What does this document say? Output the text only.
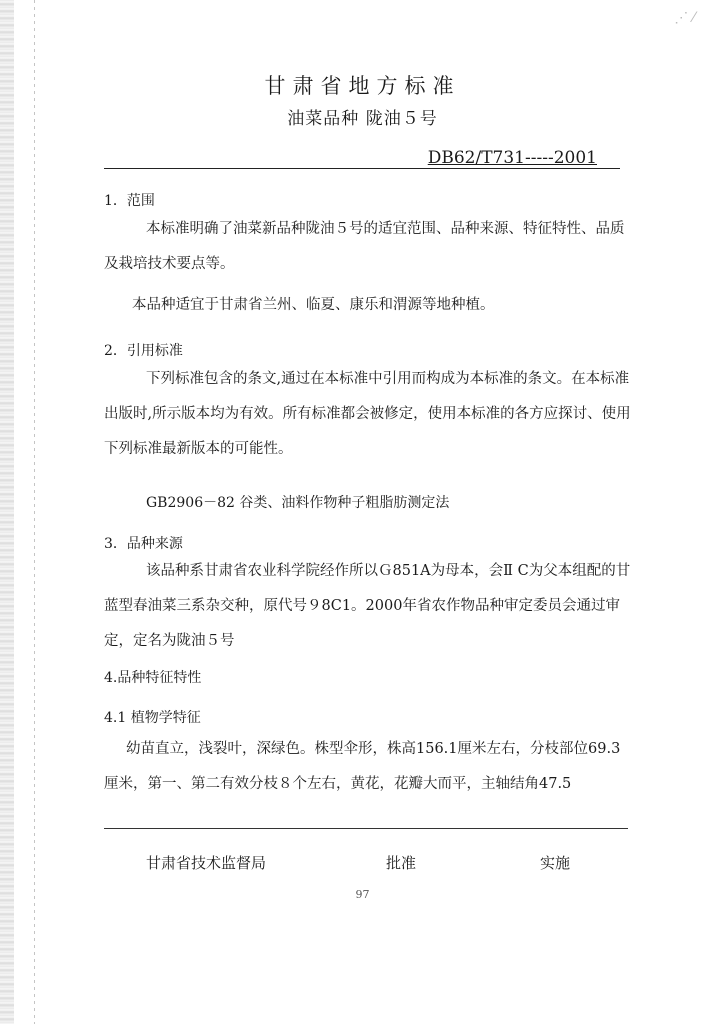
⋰ ⁄
甘肃省地方标准
油菜品种 陇油５号
DB62/T731-----2001
1．范围

本标准明确了油菜新品种陇油５号的适宜范围、品种来源、特征特性、品质及栽培技术要点等。

本品种适宜于甘肃省兰州、临夏、康乐和渭源等地种植。

2．引用标准

下列标准包含的条文,通过在本标准中引用而构成为本标准的条文。在本标准出版时,所示版本均为有效。所有标准都会被修定，使用本标准的各方应探讨、使用下列标准最新版本的可能性。

GB2906－82 谷类、油料作物种子粗脂肪测定法
3．品种来源

该品种系甘肃省农业科学院经作所以Ｇ851A为母本，会Ⅱ C为父本组配的甘蓝型春油菜三系杂交种，原代号９8C1。2000年省农作物品种审定委员会通过审定，定名为陇油５号

4.品种特征特性
4.1 植物学特征

幼苗直立，浅裂叶，深绿色。株型伞形，株高156.1厘米左右，分枝部位69.3厘米，第一、第二有效分枝８个左右，黄花，花瓣大而平，主轴结角47.5

甘肃省技术监督局	批准	实施
97
